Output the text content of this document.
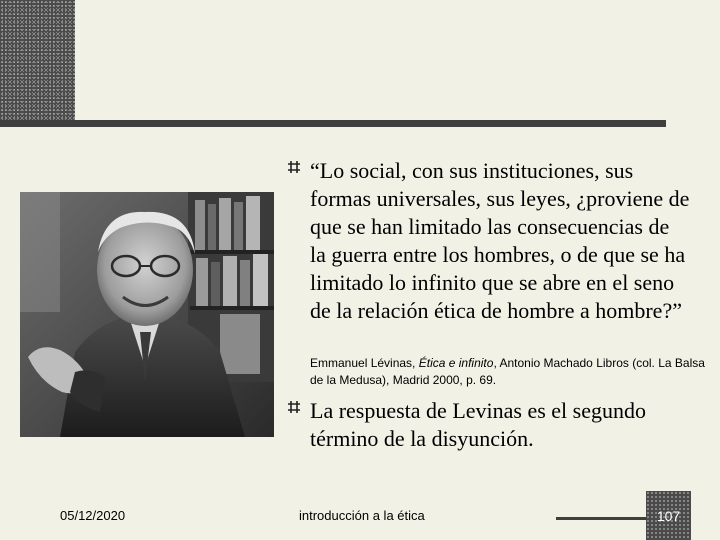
“Lo social, con sus instituciones, sus formas universales, sus leyes, ¿proviene de que se han limitado las consecuencias de la guerra entre los hombres, o de que se ha limitado lo infinito que se abre en el seno de la relación ética de hombre a hombre?”
Emmanuel Lévinas, Ética e infinito, Antonio Machado Libros (col. La Balsa de la Medusa), Madrid 2000, p. 69.
La respuesta de Levinas es el segundo término de la disyunción.
05/12/2020	introducción a la ética	107
